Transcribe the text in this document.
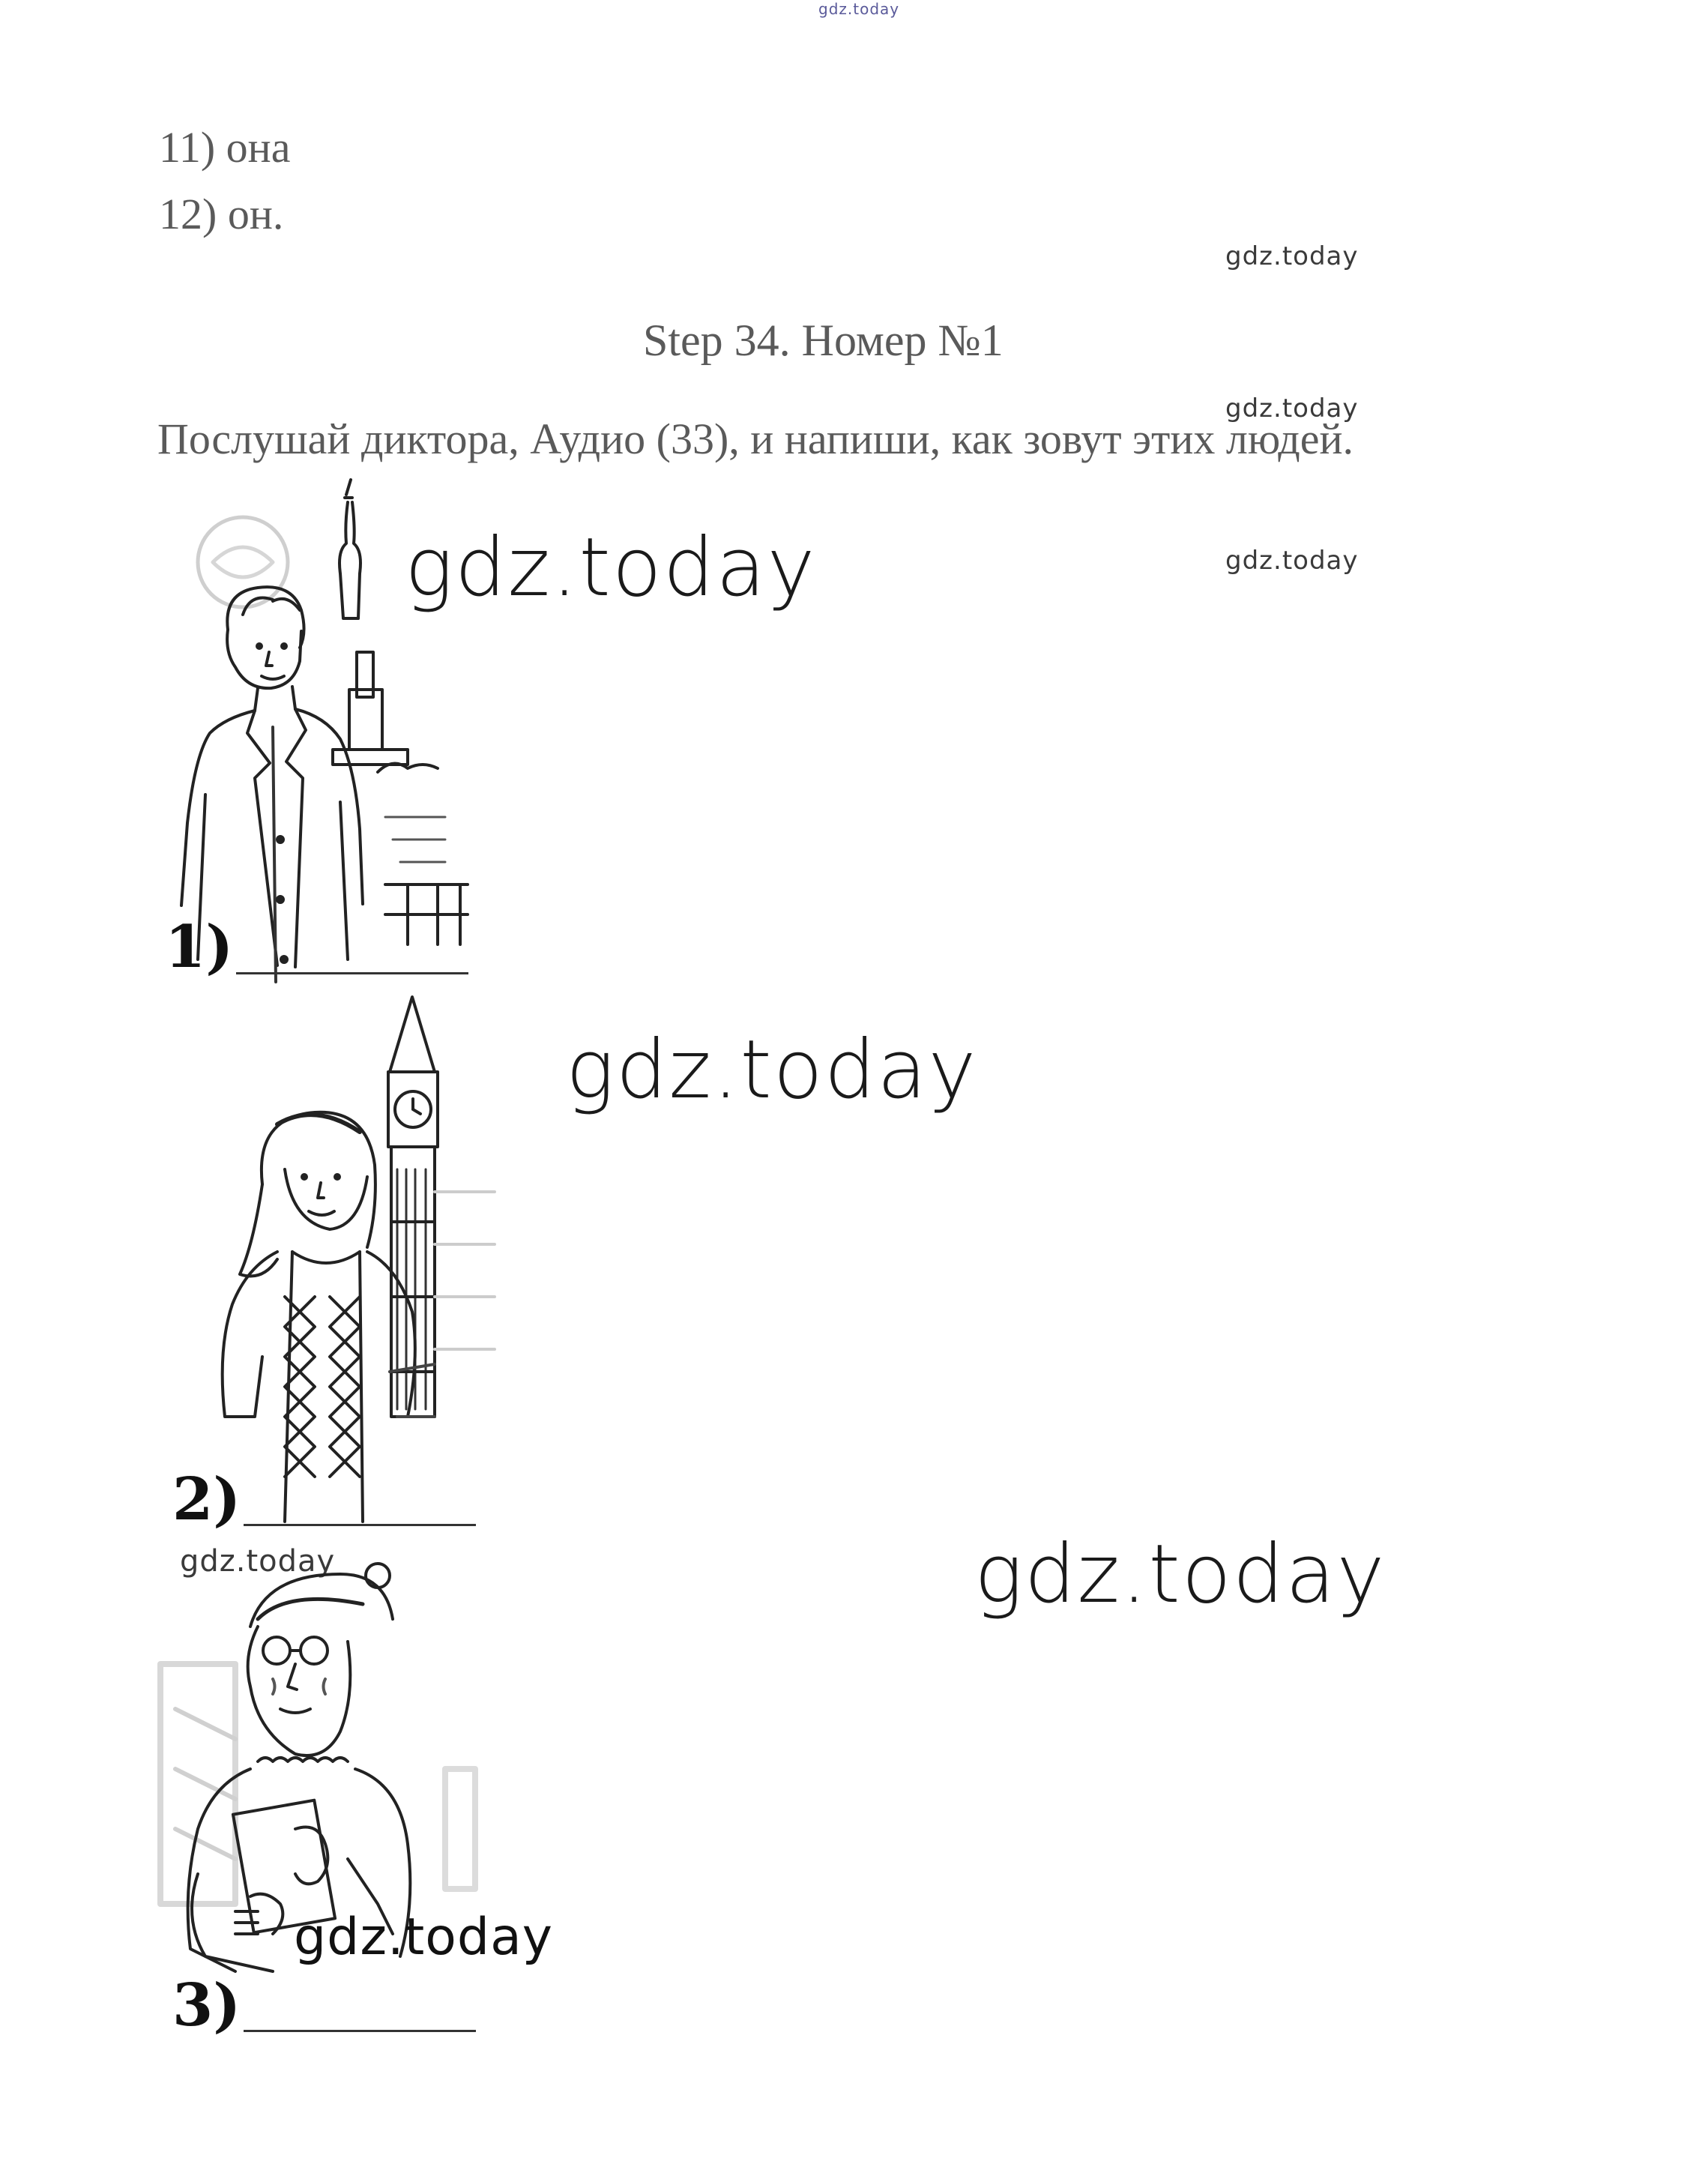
gdz.today
11) она
12) он.
gdz.today
Step 34. Номер №1
gdz.today
Послушай диктора, Аудио (33), и напиши, как зовут этих людей.
gdz.today
1)
gdz.today
2)
gdz.today
gdz.today	gdz.today
gdz.today
3)
